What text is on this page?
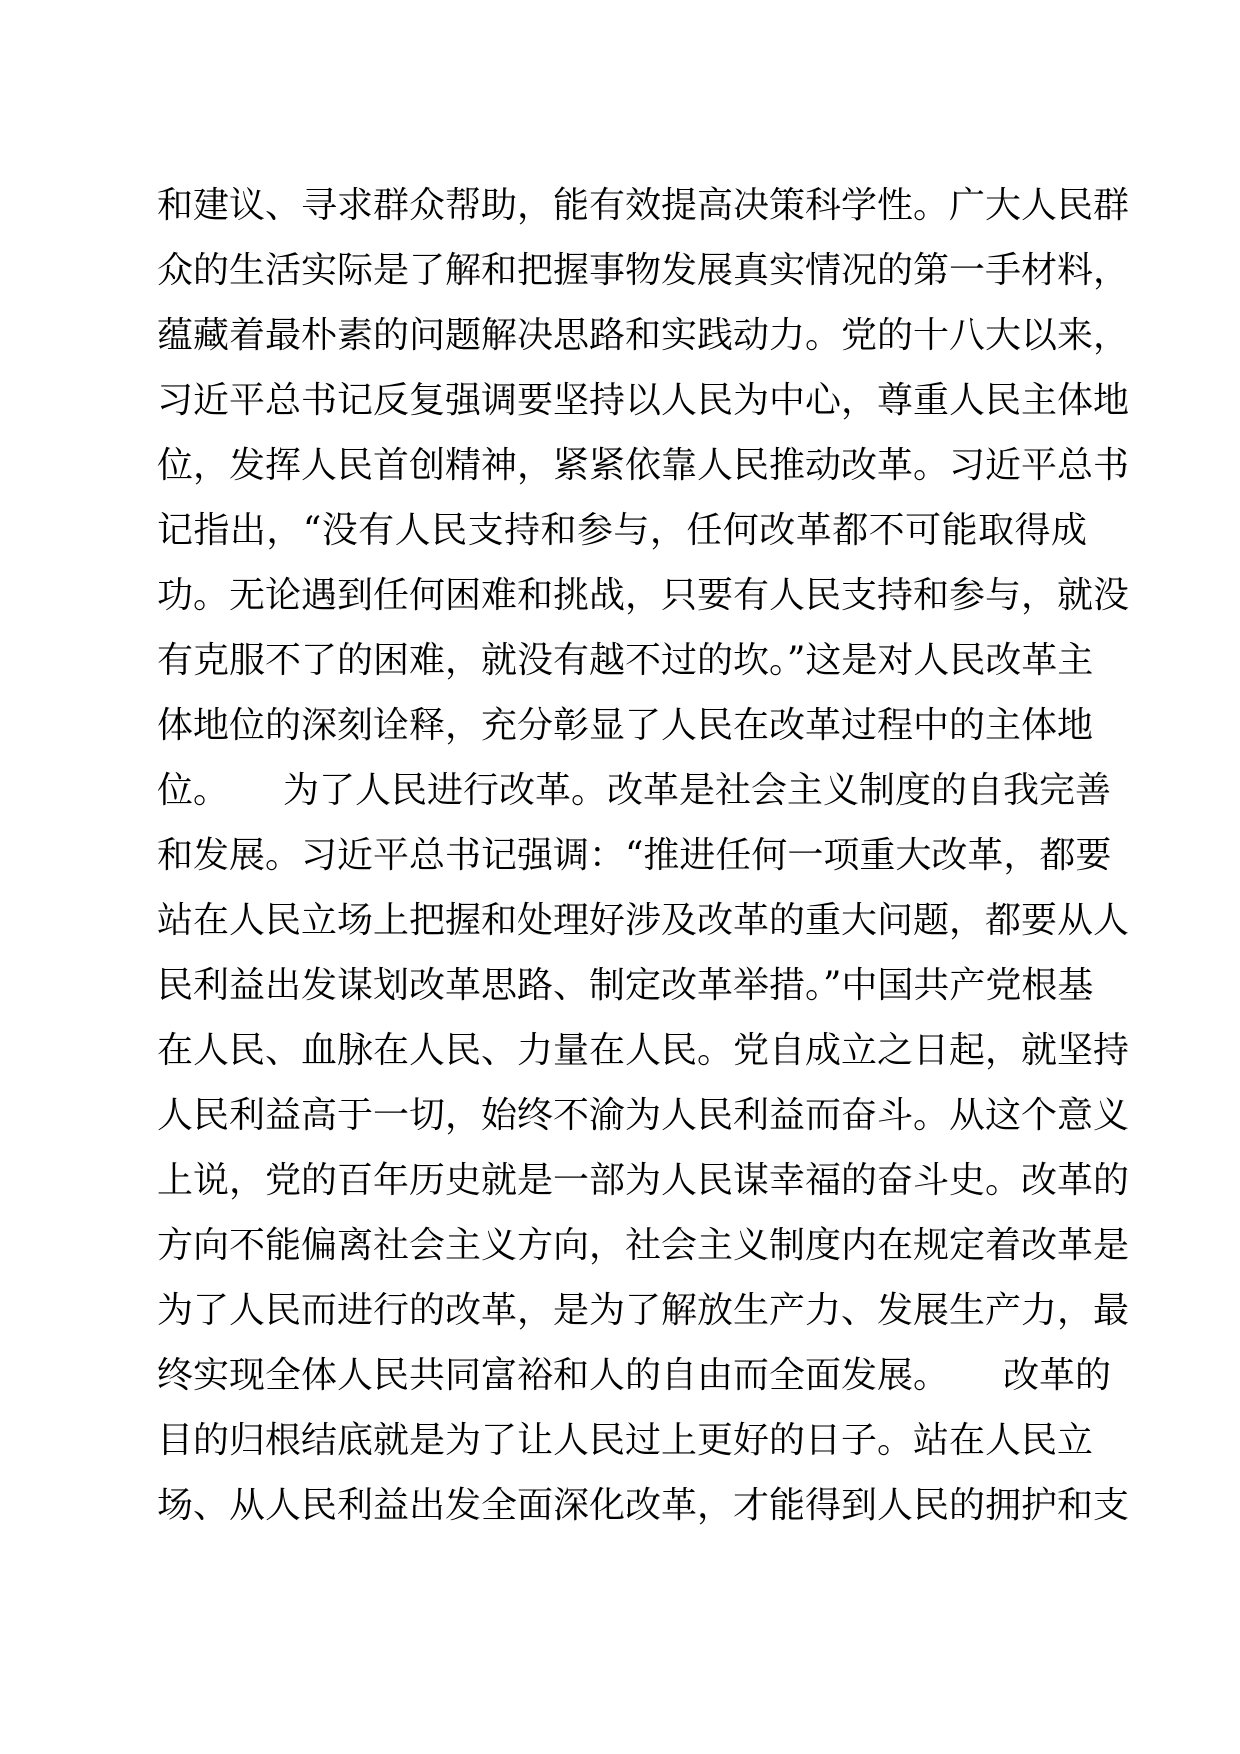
和建议、寻求群众帮助，能有效提高决策科学性。广大人民群
众的生活实际是了解和把握事物发展真实情况的第一手材料，
蕴藏着最朴素的问题解决思路和实践动力。党的十八大以来，
习近平总书记反复强调要坚持以人民为中心，尊重人民主体地
位，发挥人民首创精神，紧紧依靠人民推动改革。习近平总书
记指出，“没有人民支持和参与，任何改革都不可能取得成
功。无论遇到任何困难和挑战，只要有人民支持和参与，就没
有克服不了的困难，就没有越不过的坎。”这是对人民改革主
体地位的深刻诠释，充分彰显了人民在改革过程中的主体地
位。　　为了人民进行改革。改革是社会主义制度的自我完善
和发展。习近平总书记强调：“推进任何一项重大改革，都要
站在人民立场上把握和处理好涉及改革的重大问题，都要从人
民利益出发谋划改革思路、制定改革举措。”中国共产党根基
在人民、血脉在人民、力量在人民。党自成立之日起，就坚持
人民利益高于一切，始终不渝为人民利益而奋斗。从这个意义
上说，党的百年历史就是一部为人民谋幸福的奋斗史。改革的
方向不能偏离社会主义方向，社会主义制度内在规定着改革是
为了人民而进行的改革，是为了解放生产力、发展生产力，最
终实现全体人民共同富裕和人的自由而全面发展。　　改革的
目的归根结底就是为了让人民过上更好的日子。站在人民立
场、从人民利益出发全面深化改革，才能得到人民的拥护和支
